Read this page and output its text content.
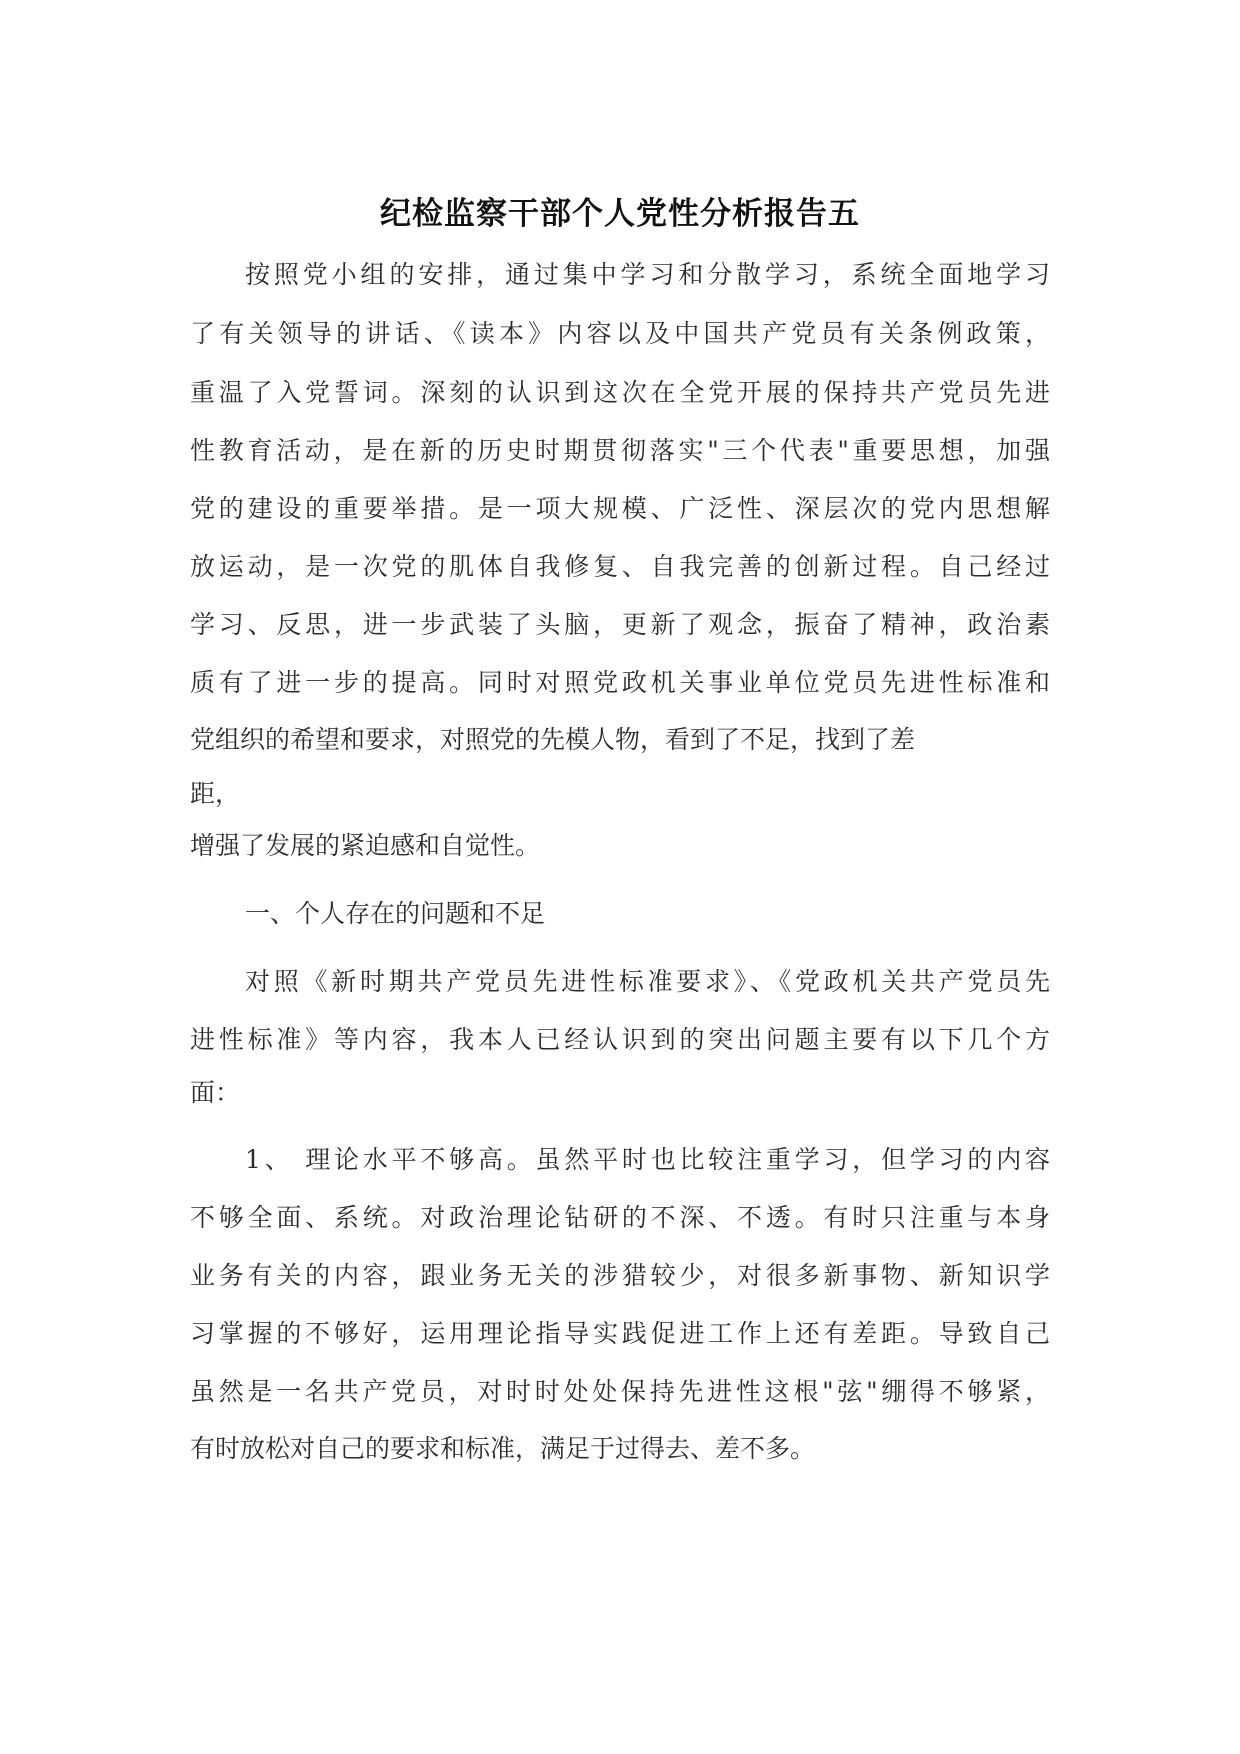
纪检监察干部个人党性分析报告五
按照党小组的安排，通过集中学习和分散学习，系统全面地学习
了有关领导的讲话、《读本》内容以及中国共产党员有关条例政策，
重温了入党誓词。深刻的认识到这次在全党开展的保持共产党员先进
性教育活动，是在新的历史时期贯彻落实"三个代表"重要思想，加强
党的建设的重要举措。是一项大规模、广泛性、深层次的党内思想解
放运动，是一次党的肌体自我修复、自我完善的创新过程。自己经过
学习、反思，进一步武装了头脑，更新了观念，振奋了精神，政治素
质有了进一步的提高。同时对照党政机关事业单位党员先进性标准和
党组织的希望和要求，对照党的先模人物，看到了不足，找到了差
距，
增强了发展的紧迫感和自觉性。
一、个人存在的问题和不足
对照《新时期共产党员先进性标准要求》、《党政机关共产党员先
进性标准》等内容，我本人已经认识到的突出问题主要有以下几个方
面：
1、 理论水平不够高。虽然平时也比较注重学习，但学习的内容
不够全面、系统。对政治理论钻研的不深、不透。有时只注重与本身
业务有关的内容，跟业务无关的涉猎较少，对很多新事物、新知识学
习掌握的不够好，运用理论指导实践促进工作上还有差距。导致自己
虽然是一名共产党员，对时时处处保持先进性这根"弦"绷得不够紧，
有时放松对自己的要求和标准，满足于过得去、差不多。
